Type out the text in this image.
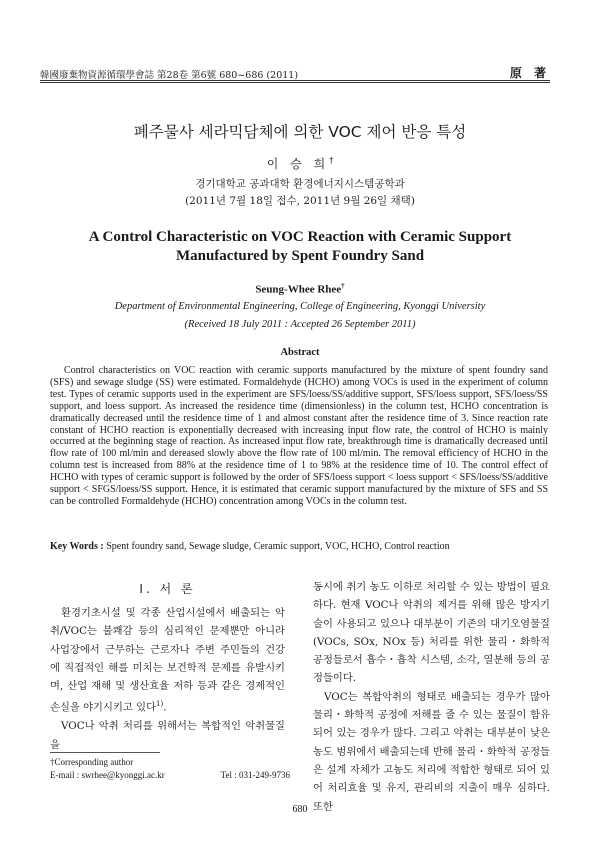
韓國廢棄物資源循環學會誌 第28卷 第6號 680~686 (2011)	原 著
폐주물사 세라믹담체에 의한 VOC 제어 반응 특성
이 승 희†
경기대학교 공과대학 환경에너지시스템공학과
(2011년 7월 18일 접수, 2011년 9월 26일 채택)
A Control Characteristic on VOC Reaction with Ceramic Support
Manufactured by Spent Foundry Sand
Seung-Whee Rhee†
Department of Environmental Engineering, College of Engineering, Kyonggi University
(Received 18 July 2011 : Accepted 26 September 2011)
Abstract

Control characteristics on VOC reaction with ceramic supports manufactured by the mixture of spent foundry sand (SFS) and sewage sludge (SS) were estimated. Formaldehyde (HCHO) among VOCs is used in the experiment of column test. Types of ceramic supports used in the experiment are SFS/loess/SS/additive support, SFS/loess support, SFS/loess/SS support, and loess support. As increased the residence time (dimensionless) in the column test, HCHO concentration is dramatically decreased until the residence time of 1 and almost constant after the residence time of 3. Since reaction rate constant of HCHO reaction is exponentially decreased with increasing input flow rate, the control of HCHO is mainly occurred at the beginning stage of reaction. As increased input flow rate, breakthrough time is dramatically decreased until flow rate of 100 ml/min and dereased slowly above the flow rate of 100 ml/min. The removal efficiency of HCHO in the column test is increased from 88% at the residence time of 1 to 98% at the residence time of 10. The control effect of HCHO with types of ceramic support is followed by the order of SFS/loess support < loess support < SFS/loess/SS/additive support < SFGS/loess/SS support. Hence, it is estimated that ceramic support manufactured by the mixture of SFS and SS can be controlled Formaldehyde (HCHO) concentration among VOCs in the column test.

Key Words : Spent foundry sand, Sewage sludge, Ceramic support, VOC, HCHO, Control reaction
I. 서 론

환경기초시설 및 각종 산업시설에서 배출되는 악취/VOC는 불쾌감 등의 심리적인 문제뿐만 아니라 사업장에서 근무하는 근로자나 주변 주민들의 건강에 직접적인 해를 미치는 보건학적 문제를 유발시키며, 산업 재해 및 생산효율 저하 등과 같은 경제적인 손실을 야기시키고 있다$^{1)}$.

VOC나 악취 처리를 위해서는 복합적인 악취물질을

동시에 취기 농도 이하로 처리할 수 있는 방법이 필요하다. 현재 VOC나 악취의 제거를 위해 많은 방지기술이 사용되고 있으나 대부분이 기존의 대기오염물질(VOCs, SOx, NOx 등) 처리를 위한 물리・화학적 공정들로서 흡수・흡착 시스템, 소각, 열분해 등의 공정들이다.

VOC는 복합악취의 형태로 배출되는 경우가 많아 물리・화학적 공정에 저해를 줄 수 있는 물질이 함유 되어 있는 경우가 많다. 그리고 악취는 대부분이 낮은 농도 범위에서 배출되는데 반해 물리・화학적 공정들은 설계 자체가 고농도 처리에 적합한 형태로 되어 있어 처리효율 및 유지, 관리비의 지출이 매우 심하다. 또한

†Corresponding author
E-mail : swrhee@kyonggi.ac.kr	Tel : 031-249-9736
680
